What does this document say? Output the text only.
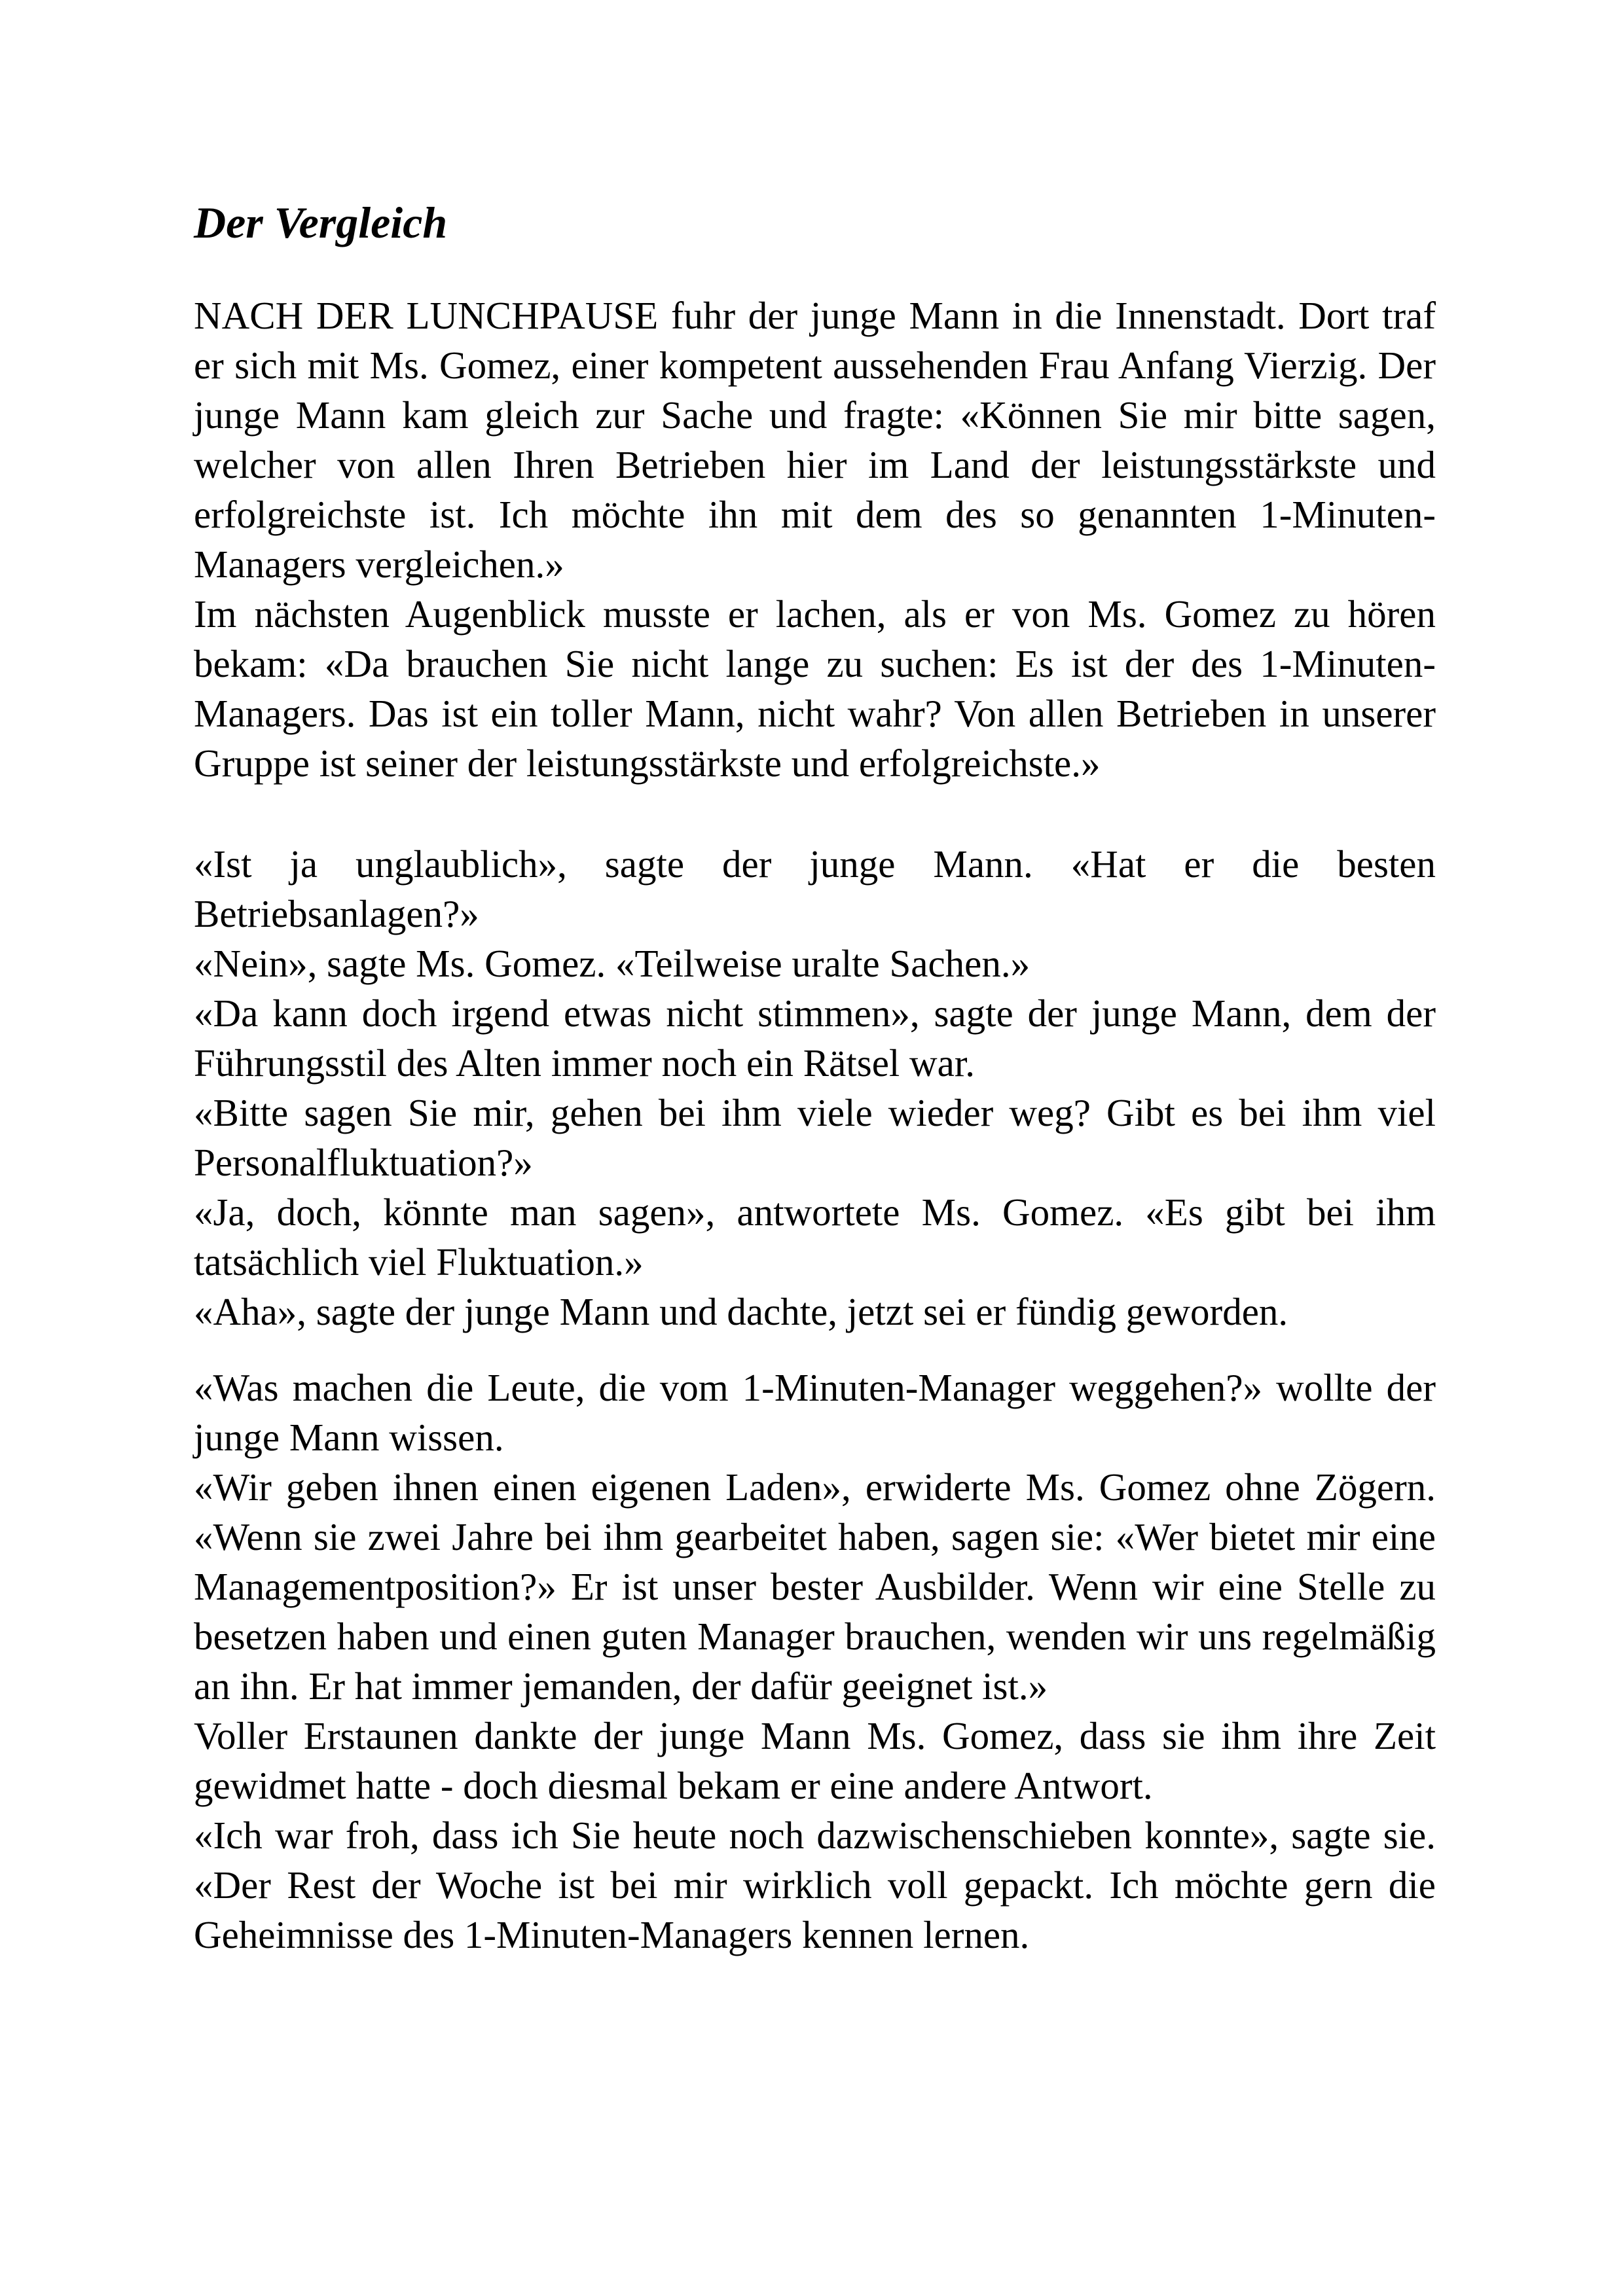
Der Vergleich

NACH DER LUNCHPAUSE fuhr der junge Mann in die Innenstadt. Dort traf er sich mit Ms. Gomez, einer kompetent aussehenden Frau Anfang Vierzig. Der junge Mann kam gleich zur Sache und fragte: «Können Sie mir bitte sagen, welcher von allen Ihren Betrieben hier im Land der leistungsstärkste und erfolgreichste ist. Ich möchte ihn mit dem des so genannten 1-Minuten-Managers vergleichen.»

Im nächsten Augenblick musste er lachen, als er von Ms. Gomez zu hören bekam: «Da brauchen Sie nicht lange zu suchen: Es ist der des 1-Minuten-Managers. Das ist ein toller Mann, nicht wahr? Von allen Betrieben in unserer Gruppe ist seiner der leistungsstärkste und erfolgreichste.»

«Ist ja unglaublich», sagte der junge Mann. «Hat er die besten Betriebsanlagen?»

«Nein», sagte Ms. Gomez. «Teilweise uralte Sachen.»

«Da kann doch irgend etwas nicht stimmen», sagte der junge Mann, dem der Führungsstil des Alten immer noch ein Rätsel war.

«Bitte sagen Sie mir, gehen bei ihm viele wieder weg? Gibt es bei ihm viel Personalfluktuation?»

«Ja, doch, könnte man sagen», antwortete Ms. Gomez. «Es gibt bei ihm tatsächlich viel Fluktuation.»

«Aha», sagte der junge Mann und dachte, jetzt sei er fündig geworden.

«Was machen die Leute, die vom 1-Minuten-Manager weggehen?» wollte der junge Mann wissen.

«Wir geben ihnen einen eigenen Laden», erwiderte Ms. Gomez ohne Zögern. «Wenn sie zwei Jahre bei ihm gearbeitet haben, sagen sie: «Wer bietet mir eine Managementposition?» Er ist unser bester Ausbilder. Wenn wir eine Stelle zu besetzen haben und einen guten Manager brauchen, wenden wir uns regelmäßig an ihn. Er hat immer jemanden, der dafür geeignet ist.»

Voller Erstaunen dankte der junge Mann Ms. Gomez, dass sie ihm ihre Zeit gewidmet hatte - doch diesmal bekam er eine andere Antwort.

«Ich war froh, dass ich Sie heute noch dazwischenschieben konnte», sagte sie. «Der Rest der Woche ist bei mir wirklich voll gepackt. Ich möchte gern die Geheimnisse des 1-Minuten-Managers kennen lernen.
